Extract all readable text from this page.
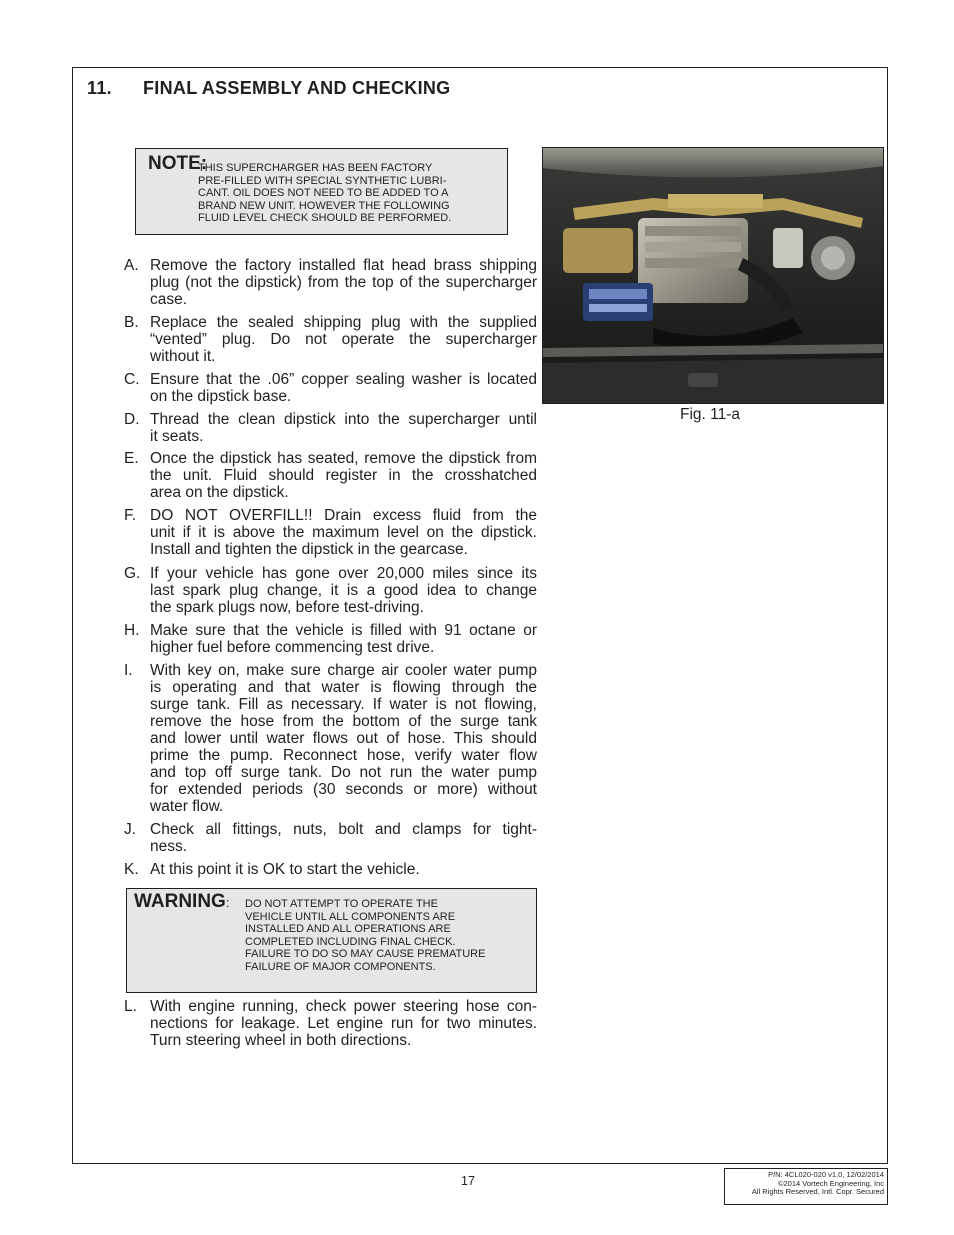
11. FINAL ASSEMBLY AND CHECKING
NOTE:
THIS SUPERCHARGER HAS BEEN FACTORY
PRE-FILLED WITH SPECIAL SYNTHETIC LUBRI-
CANT. OIL DOES NOT NEED TO BE ADDED TO A
BRAND NEW UNIT. HOWEVER THE FOLLOWING
FLUID LEVEL CHECK SHOULD BE PERFORMED.
A. Remove the factory installed flat head brass shipping
plug (not the dipstick) from the top of the supercharger
case.
B. Replace the sealed shipping plug with the supplied
“vented” plug. Do not operate the supercharger
without it.
C. Ensure that the .06” copper sealing washer is located
on the dipstick base.
D. Thread the clean dipstick into the supercharger until
it seats.
E. Once the dipstick has seated, remove the dipstick from
the unit. Fluid should register in the crosshatched
area on the dipstick.
F. DO NOT OVERFILL!! Drain excess fluid from the
unit if it is above the maximum level on the dipstick.
Install and tighten the dipstick in the gearcase.
G. If your vehicle has gone over 20,000 miles since its
last spark plug change, it is a good idea to change
the spark plugs now, before test-driving.
H. Make sure that the vehicle is filled with 91 octane or
higher fuel before commencing test drive.
I. With key on, make sure charge air cooler water pump
is operating and that water is flowing through the
surge tank. Fill as necessary. If water is not flowing,
remove the hose from the bottom of the surge tank
and lower until water flows out of hose. This should
prime the pump. Reconnect hose, verify water flow
and top off surge tank. Do not run the water pump
for extended periods (30 seconds or more) without
water flow.
J. Check all fittings, nuts, bolt and clamps for tight-
ness.
K. At this point it is OK to start the vehicle.
WARNING: DO NOT ATTEMPT TO OPERATE THE
VEHICLE UNTIL ALL COMPONENTS ARE
INSTALLED AND ALL OPERATIONS ARE
COMPLETED INCLUDING FINAL CHECK.
FAILURE TO DO SO MAY CAUSE PREMATURE
FAILURE OF MAJOR COMPONENTS.
L. With engine running, check power steering hose con-
nections for leakage. Let engine run for two minutes.
Turn steering wheel in both directions.
Fig. 11-a
17	P/N: 4CL020-020 v1.0, 12/02/2014
©2014 Vortech Engineering, Inc
All Rights Reserved, Intl. Copr. Secured
